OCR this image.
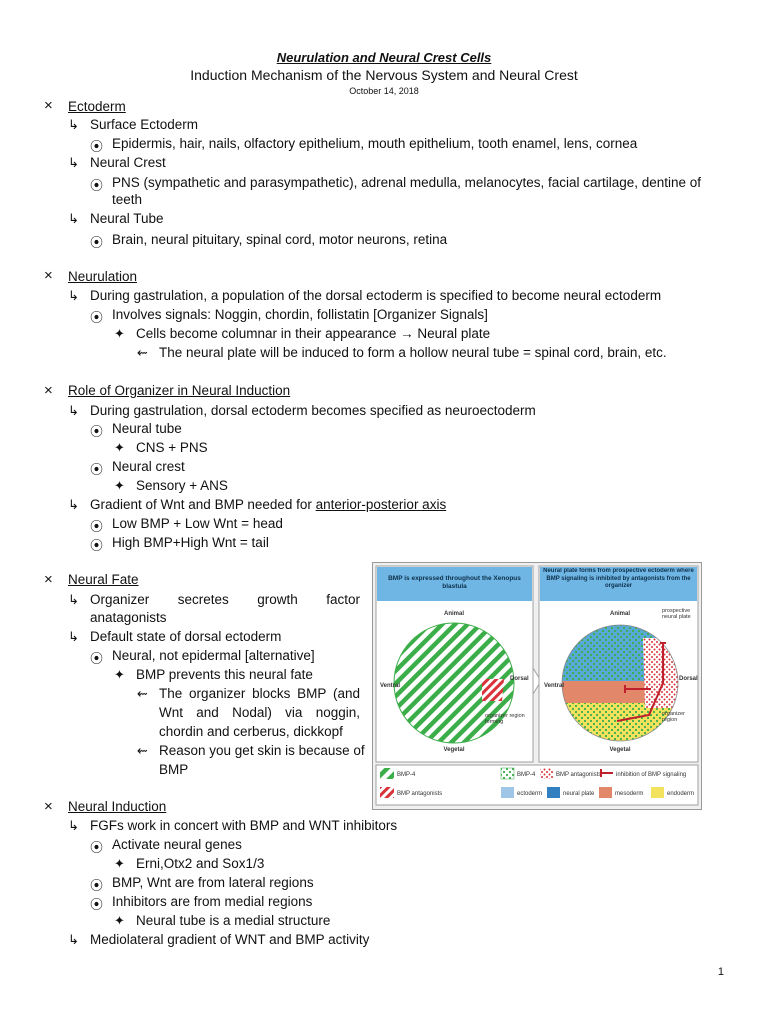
Neurulation and Neural Crest Cells
Induction Mechanism of the Nervous System and Neural Crest
October 14, 2018
× Ectoderm
↳ Surface Ectoderm
⦿ Epidermis, hair, nails, olfactory epithelium, mouth epithelium, tooth enamel, lens, cornea
↳ Neural Crest
⦿ PNS (sympathetic and parasympathetic), adrenal medulla, melanocytes, facial cartilage, dentine of
teeth
↳ Neural Tube
⦿ Brain, neural pituitary, spinal cord, motor neurons, retina
× Neurulation
↳ During gastrulation, a population of the dorsal ectoderm is specified to become neural ectoderm
⦿ Involves signals: Noggin, chordin, follistatin [Organizer Signals]
✦ Cells become columnar in their appearance → Neural plate
⇜ The neural plate will be induced to form a hollow neural tube = spinal cord, brain, etc.
× Role of Organizer in Neural Induction
↳ During gastrulation, dorsal ectoderm becomes specified as neuroectoderm
⦿ Neural tube
✦ CNS + PNS
⦿ Neural crest
✦ Sensory + ANS
↳ Gradient of Wnt and BMP needed for anterior-posterior axis
⦿ Low BMP + Low Wnt = head
⦿ High BMP+High Wnt = tail
× Neural Fate
↳ Organizer secretes growth factor
anatagonists
↳ Default state of dorsal ectoderm
⦿ Neural, not epidermal [alternative]
✦ BMP prevents this neural fate
⇜ The organizer blocks BMP (and
Wnt and Nodal) via noggin,
chordin and cerberus, dickkopf
⇜ Reason you get skin is because of
BMP
× Neural Induction
↳ FGFs work in concert with BMP and WNT inhibitors
⦿ Activate neural genes
✦ Erni,Otx2 and Sox1/3
⦿ BMP, Wnt are from lateral regions
⦿ Inhibitors are from medial regions
✦ Neural tube is a medial structure
↳ Mediolateral gradient of WNT and BMP activity
BMP is expressed throughout the Xenopus blastula
Animal
Vegetal
Ventral
Dorsal
organizer region forming
Neural plate forms from prospective ectoderm where BMP signaling is inhibited by antagonists from the organizer
Animal
Vegetal
Ventral
Dorsal
prospective neural plate
organizer region
BMP-4
BMP antagonists
BMP-4	BMP antagonists inhibition of BMP signaling
ectoderm	neural plate	mesoderm	endoderm
1
